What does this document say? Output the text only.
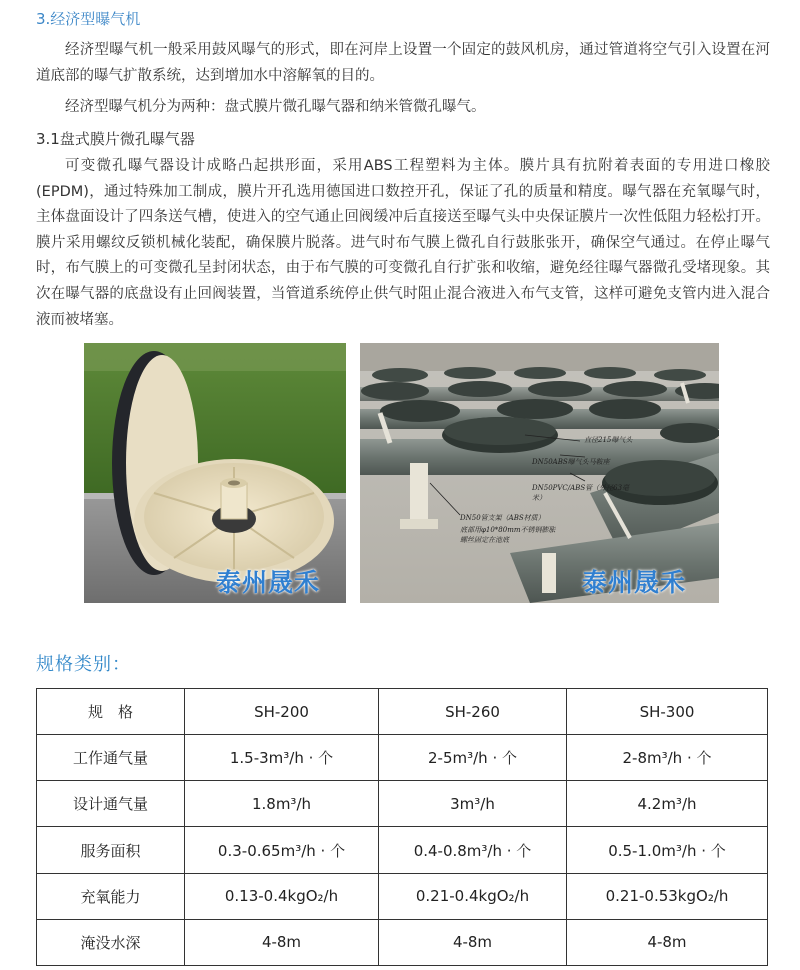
3.经济型曝气机
经济型曝气机一般采用鼓风曝气的形式，即在河岸上设置一个固定的鼓风机房，通过管道将空气引入设置在河道底部的曝气扩散系统，达到增加水中溶解氧的目的。
经济型曝气机分为两种：盘式膜片微孔曝气器和纳米管微孔曝气。
3.1盘式膜片微孔曝气器
可变微孔曝气器设计成略凸起拱形面，采用ABS工程塑料为主体。膜片具有抗附着表面的专用进口橡胶(EPDM)，通过特殊加工制成，膜片开孔选用德国进口数控开孔，保证了孔的质量和精度。曝气器在充氧曝气时，主体盘面设计了四条送气槽，使进入的空气通止回阀缓冲后直接送至曝气头中央保证膜片一次性低阻力轻松打开。膜片采用螺纹反锁机械化装配，确保膜片脱落。进气时布气膜上微孔自行鼓胀张开，确保空气通过。在停止曝气时，布气膜上的可变微孔呈封闭状态，由于布气膜的可变微孔自行扩张和收缩，避免经往曝气器微孔受堵现象。其次在曝气器的底盘设有止回阀装置，当管道系统停止供气时阻止混合液进入布气支管，这样可避免支管内进入混合液而被堵塞。
泰州晟禾
直径215曝气头
DN50ABS曝气头马鞍座
DN50PVC/ABS管（外径63毫米）
DN50管支架（ABS材质）
底部用φ10*80mm不锈钢膨胀螺丝固定在池底
泰州晟禾
规格类别：
规　格	SH-200	SH-260	SH-300
工作通气量	1.5-3m³/h · 个	2-5m³/h · 个	2-8m³/h · 个
设计通气量	1.8m³/h	3m³/h	4.2m³/h
服务面积	0.3-0.65m³/h · 个	0.4-0.8m³/h · 个	0.5-1.0m³/h · 个
充氧能力	0.13-0.4kgO₂/h	0.21-0.4kgO₂/h	0.21-0.53kgO₂/h
淹没水深	4-8m	4-8m	4-8m
